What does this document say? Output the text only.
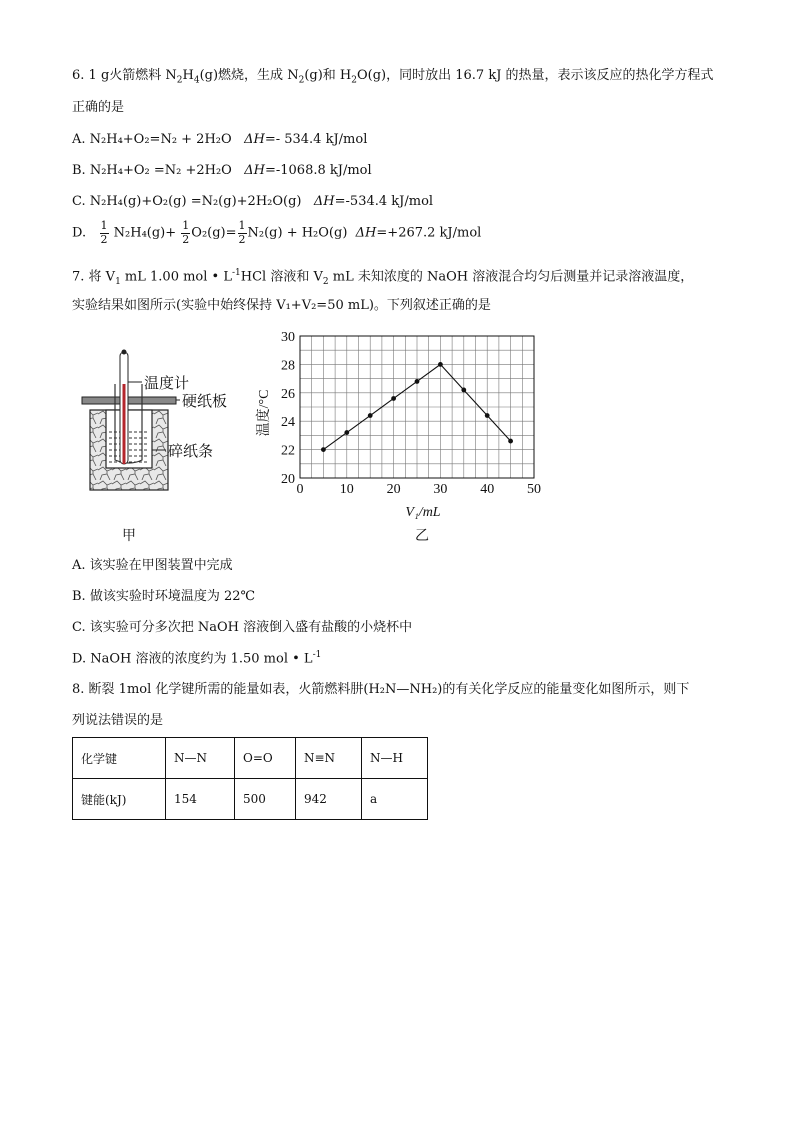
6. 1 g火箭燃料 $N_2H_4(g)$燃烧，生成 $N_2(g)$和 $H_2O(g)$，同时放出 16.7 kJ 的热量，表示该反应的热化学方程式
正确的是
A. N₂H₄+O₂=N₂ + 2H₂O ΔH=- 534.4 kJ/mol
B. N₂H₄+O₂ =N₂ +2H₂O ΔH=-1068.8 kJ/mol
C. N₂H₄(g)+O₂(g) =N₂(g)+2H₂O(g) ΔH=-534.4 kJ/mol
D. $\frac{1}{2} N_2H_4(g)+ \frac{1}{2} O_2(g)= \frac{1}{2} N_2(g) + H_2O(g)$ ΔH=+267.2 kJ/mol
7. 将 $V_1$ mL 1.00 mol • $L^{-1}HCl$ 溶液和 $V_2$ mL 未知浓度的 NaOH 溶液混合均匀后测量并记录溶液温度，
实验结果如图所示(实验中始终保持 V₁+V₂=50 mL)。下列叙述正确的是
温度计
硬纸板
碎纸条
甲
0	10 20 30 40 50
20
22
24
26
28
30
温度/°C
V₁/mL
乙
A. 该实验在甲图装置中完成
B. 做该实验时环境温度为 22℃
C. 该实验可分多次把 NaOH 溶液倒入盛有盐酸的小烧杯中
D. NaOH 溶液的浓度约为 1.50 mol • $L^{-1}$
8. 断裂 1mol 化学键所需的能量如表，火箭燃料肼(H₂N—NH₂)的有关化学反应的能量变化如图所示，则下
列说法错误的是
化学键	N—N	O=O	N≡N	N—H
键能(kJ)	154	500	942	a
